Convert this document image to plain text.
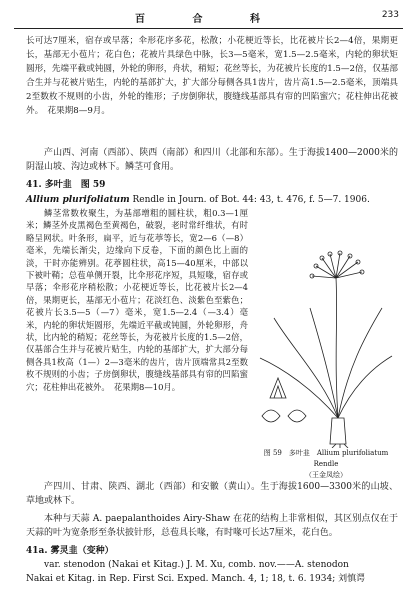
百 合 科	233

长可达7厘米，宿存或早落；伞形花序多花，松散；小花梗近等长，比花被片长2—4倍，果期更长，基部无小苞片；花白色；花被片具绿色中脉，长3—5毫米，宽1.5—2.5毫米，内轮的卵状矩圆形，先端平截或钝圆，外轮的卵形，舟状，稍短；花丝等长，为花被片长度的1.5—2倍，仅基部合生并与花被片贴生，内轮的基部扩大，扩大部分每侧各具1齿片，齿片高1.5—2.5毫米，顶端具2至数枚不规则的小齿，外轮的锥形；子房倒卵状，腹缝线基部具有帘的凹陷蜜穴；花柱伸出花被外。　花果期8—9月。

产山西、河南（西部）、陕西（南部）和四川（北部和东部）。生于海拔1400—2000米的阴湿山坡、沟边或林下。鳞茎可食用。

41. 多叶韭　图 59
Allium plurifoliatum Rendle in Journ. of Bot. 44: 43, t. 476, f. 5—7. 1906.

鳞茎常数枚聚生，为基部增粗的圆柱状，粗0.3—1厘米；鳞茎外皮黑褐色至黄褐色，破裂，老时常纤维状，有时略呈网状。叶条形，扁平，近与花葶等长，宽2—6（—8）毫米，先端长渐尖，边缘向下反卷，下面的颜色比上面的淡，干时亦能辨别。花葶圆柱状，高15—40厘米，中部以下被叶鞘；总苞单侧开裂，比伞形花序短，具短喙，宿存或早落；伞形花序稍松散；小花梗近等长，比花被片长2—4倍，果期更长，基部无小苞片；花淡红色、淡紫色至紫色；花被片长3.5—5（—7）毫米，宽1.5—2.4（—3.4）毫米，内轮的卵状矩圆形，先端近平截或钝圆，外轮卵形，舟状，比内轮的稍短；花丝等长，为花被片长度的1.5—2倍，仅基部合生并与花被片贴生，内轮的基部扩大，扩大部分每侧各具1枚高（1—）2—3毫米的齿片，齿片顶端常具2至数枚不规则的小齿；子房倒卵状，腹缝线基部具有帘的凹陷蜜穴；花柱伸出花被外。　花果期8—10月。

图 59　多叶韭　Allium plurifoliatum Rendle
（王金凤绘）

产四川、甘肃、陕西、湖北（西部）和安徽（黄山）。生于海拔1600—3300米的山坡、草地或林下。

本种与天蒜 A. paepalanthoides Airy-Shaw 在花的结构上非常相似，其区别点仅在于天蒜的叶为宽条形至条状披针形，总苞具长喙，有时喙可长达7厘米，花白色。

41a. 雾灵韭（变种）

var. stenodon (Nakai et Kitag.) J. M. Xu, comb. nov.——A. stenodon

Nakai et Kitag. in Rep. First Sci. Exped. Manch. 4, 1; 18, t. 6. 1934; 刘慎谔
